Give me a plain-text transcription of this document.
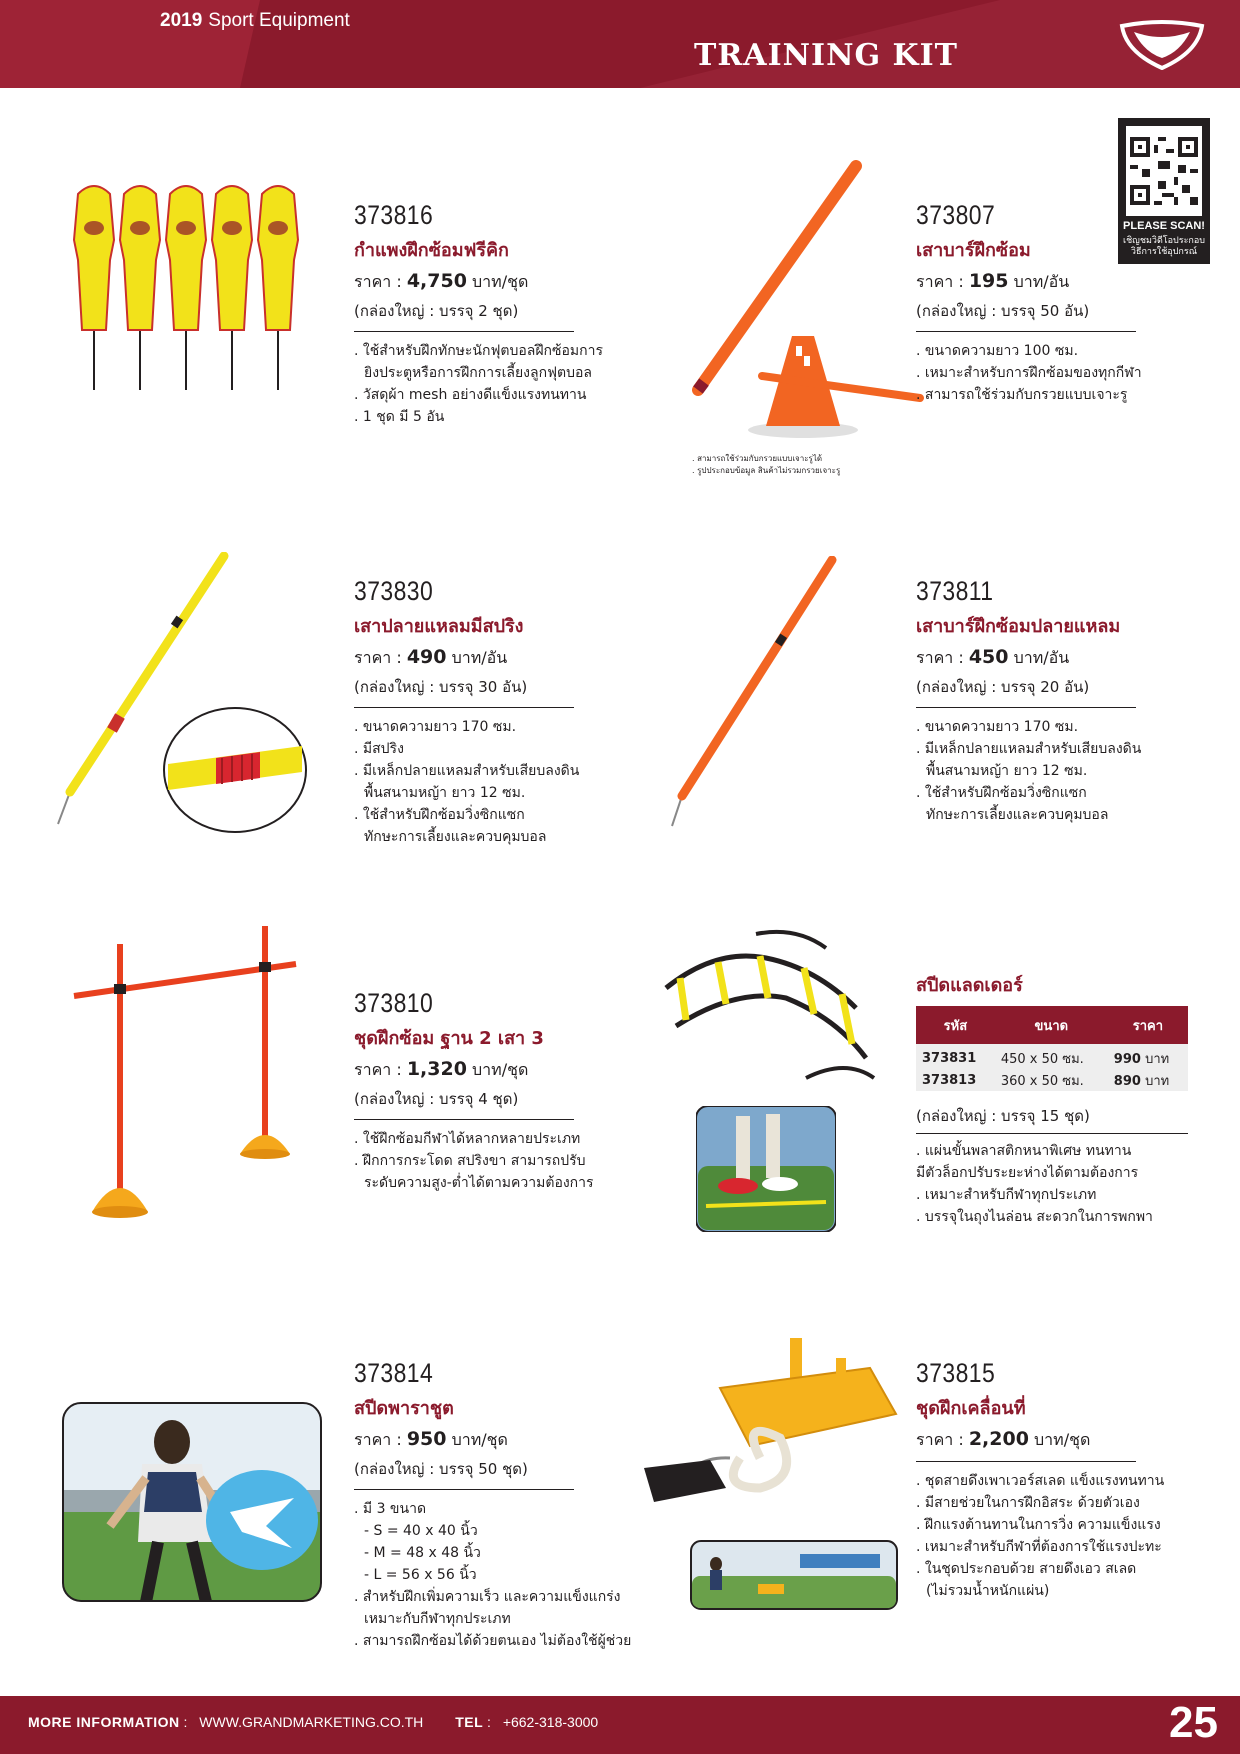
2019 Sport Equipment
TRAINING KIT
PLEASE SCAN!
เชิญชมวิดีโอประกอบ
วิธีการใช้อุปกรณ์
. สามารถใช้ร่วมกับกรวยแบบเจาะรูได้
. รูปประกอบข้อมูล สินค้าไม่รวมกรวยเจาะรู
373816
กำแพงฝึกซ้อมฟรีคิก
ราคา : 4,750 บาท/ชุด
(กล่องใหญ่ : บรรจุ 2 ชุด)
. ใช้สำหรับฝึกทักษะนักฟุตบอลฝึกซ้อมการ
ยิงประตูหรือการฝึกการเลี้ยงลูกฟุตบอล
. วัสดุผ้า mesh อย่างดีแข็งแรงทนทาน
. 1 ชุด มี 5 อัน
373807
เสาบาร์ฝึกซ้อม
ราคา : 195 บาท/อัน
(กล่องใหญ่ : บรรจุ 50 อัน)
. ขนาดความยาว 100 ซม.
. เหมาะสำหรับการฝึกซ้อมของทุกกีฬา
. สามารถใช้ร่วมกับกรวยแบบเจาะรู
373830
เสาปลายแหลมมีสปริง
ราคา : 490 บาท/อัน
(กล่องใหญ่ : บรรจุ 30 อัน)
. ขนาดความยาว 170 ซม.
. มีสปริง
. มีเหล็กปลายแหลมสำหรับเสียบลงดิน
พื้นสนามหญ้า ยาว 12 ซม.
. ใช้สำหรับฝึกซ้อมวิ่งซิกแซก
ทักษะการเลี้ยงและควบคุมบอล
373811
เสาบาร์ฝึกซ้อมปลายแหลม
ราคา : 450 บาท/อัน
(กล่องใหญ่ : บรรจุ 20 อัน)
. ขนาดความยาว 170 ซม.
. มีเหล็กปลายแหลมสำหรับเสียบลงดิน
พื้นสนามหญ้า ยาว 12 ซม.
. ใช้สำหรับฝึกซ้อมวิ่งซิกแซก
ทักษะการเลี้ยงและควบคุมบอล
373810
ชุดฝึกซ้อม ฐาน 2 เสา 3
ราคา : 1,320 บาท/ชุด
(กล่องใหญ่ : บรรจุ 4 ชุด)
. ใช้ฝึกซ้อมกีฬาได้หลากหลายประเภท
. ฝึกการกระโดด สปริงขา สามารถปรับ
ระดับความสูง-ต่ำได้ตามความต้องการ
สปีดแลดเดอร์
รหัส	ขนาด	ราคา
373831	450 x 50 ซม.	990 บาท
373813	360 x 50 ซม.	890 บาท
(กล่องใหญ่ : บรรจุ 15 ชุด)
. แผ่นขั้นพลาสติกหนาพิเศษ ทนทาน
มีตัวล็อกปรับระยะห่างได้ตามต้องการ
. เหมาะสำหรับกีฬาทุกประเภท
. บรรจุในถุงไนล่อน สะดวกในการพกพา
373814
สปีดพาราชูต
ราคา : 950 บาท/ชุด
(กล่องใหญ่ : บรรจุ 50 ชุด)
. มี 3 ขนาด
- S = 40 x 40 นิ้ว
- M = 48 x 48 นิ้ว
- L = 56 x 56 นิ้ว
. สำหรับฝึกเพิ่มความเร็ว และความแข็งแกร่ง
เหมาะกับกีฬาทุกประเภท
. สามารถฝึกซ้อมได้ด้วยตนเอง ไม่ต้องใช้ผู้ช่วย
373815
ชุดฝึกเคลื่อนที่
ราคา : 2,200 บาท/ชุด
. ชุดสายดึงเพาเวอร์สเลด แข็งแรงทนทาน
. มีสายช่วยในการฝึกอิสระ ด้วยตัวเอง
. ฝึกแรงต้านทานในการวิ่ง ความแข็งแรง
. เหมาะสำหรับกีฬาที่ต้องการใช้แรงปะทะ
. ในชุดประกอบด้วย สายดึงเอว สเลด
(ไม่รวมน้ำหนักแผ่น)
MORE INFORMATION : WWW.GRANDMARKETING.CO.TH TEL : +662-318-3000	25
